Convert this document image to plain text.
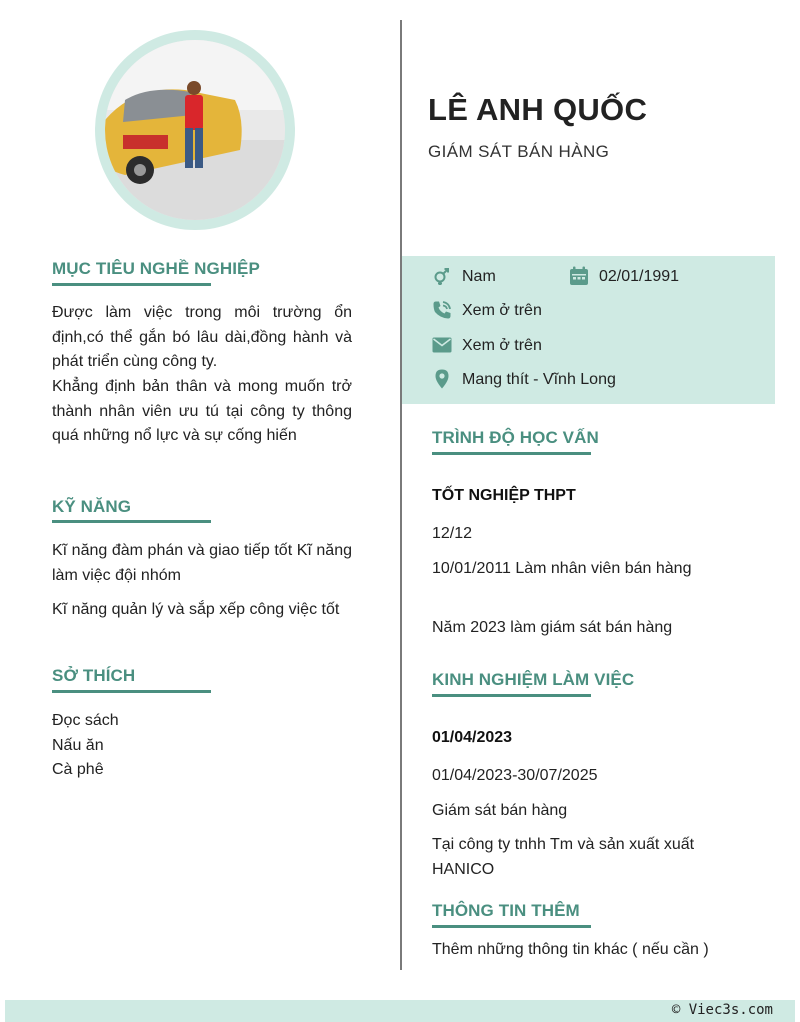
MỤC TIÊU NGHỀ NGHIỆP
Được làm việc trong môi trường ổn định,có thể gắn bó lâu dài,đồng hành và phát triển cùng công ty.
Khẳng định bản thân và mong muốn trở thành nhân viên ưu tú tại công ty thông quá những nổ lực và sự cống hiến
KỸ NĂNG
Kĩ năng đàm phán và giao tiếp tốt Kĩ năng làm việc đội nhóm
Kĩ năng quản lý và sắp xếp công việc tốt
SỞ THÍCH
Đọc sách
Nấu ăn
Cà phê
LÊ ANH QUỐC
GIÁM SÁT BÁN HÀNG
Nam	02/01/1991
Xem ở trên
Xem ở trên
Mang thít - Vĩnh Long
TRÌNH ĐỘ HỌC VẤN
TỐT NGHIỆP THPT
12/12
10/01/2011 Làm nhân viên bán hàng
Năm 2023 làm giám sát bán hàng
KINH NGHIỆM LÀM VIỆC
01/04/2023
01/04/2023-30/07/2025
Giám sát bán hàng
Tại công ty tnhh Tm và sản xuất xuất HANICO
THÔNG TIN THÊM
Thêm những thông tin khác ( nếu cần )
© Viec3s.com
